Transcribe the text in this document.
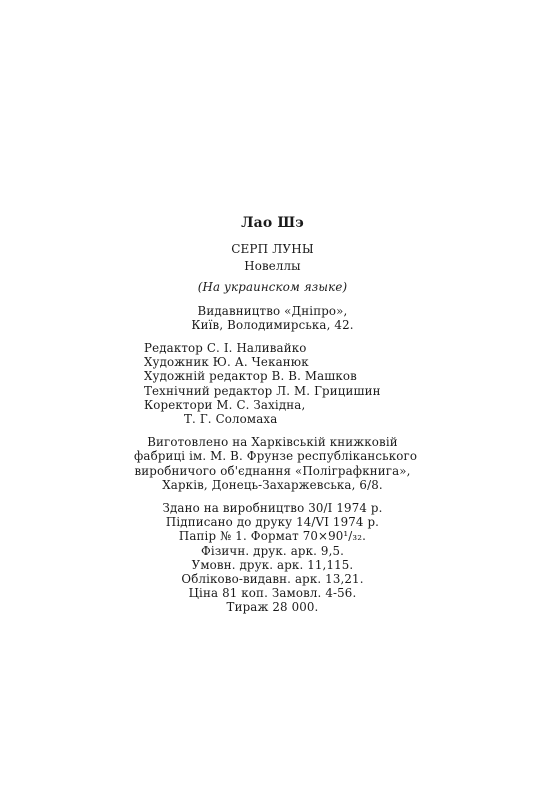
Лао Шэ
СЕРП ЛУНЫ
Новеллы
(На украинском языке)
Видавництво «Дніпро»,
Київ, Володимирська, 42.
Редактор С. І. Наливайко
Художник Ю. А. Чеканюк
Художній редактор В. В. Машков
Технічний редактор Л. М. Грицишин
Коректори М. С. Західна,
Т. Г. Соломаха
Виготовлено на Харківській книжковій
фабриці ім. М. В. Фрунзе республіканського
виробничого об'єднання «Поліграфкнига»,
Харків, Донець-Захаржевська, 6/8.
Здано на виробництво 30/I 1974 р.
Підписано до друку 14/VI 1974 р.
Папір № 1. Формат 70×90¹/₃₂.
Фізичн. друк. арк. 9,5.
Умовн. друк. арк. 11,115.
Обліково-видавн. арк. 13,21.
Ціна 81 коп. Замовл. 4-56.
Тираж 28 000.
